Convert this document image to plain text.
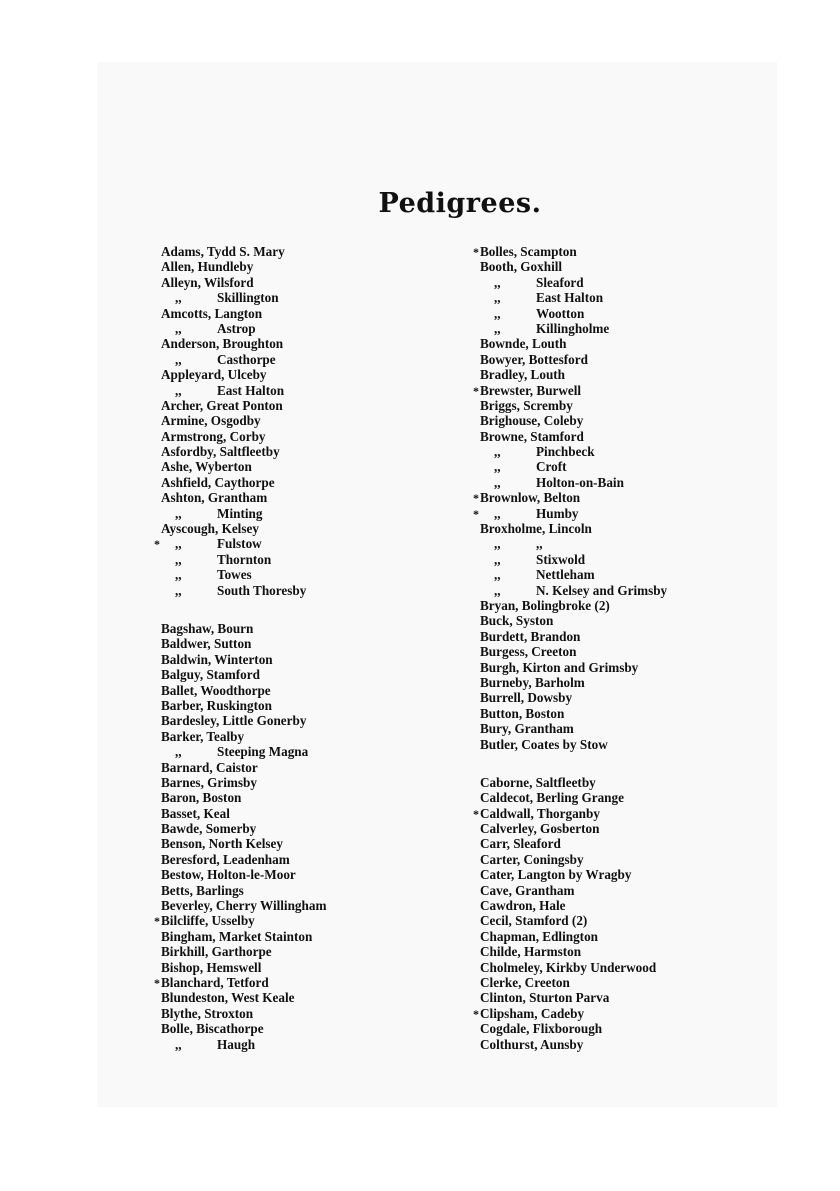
Pedigrees.
Adams, Tydd S. Mary
Allen, Hundleby
Alleyn, Wilsford
,,	Skillington
Amcotts, Langton
,,	Astrop
Anderson, Broughton
,,	Casthorpe
Appleyard, Ulceby
,,	East Halton
Archer, Great Ponton
Armine, Osgodby
Armstrong, Corby
Asfordby, Saltfleetby
Ashe, Wyberton
Ashfield, Caythorpe
Ashton, Grantham
,,	Minting
Ayscough, Kelsey
* ,,	Fulstow
,,	Thornton
,,	Towes
,,	South Thoresby
Bagshaw, Bourn
Baldwer, Sutton
Baldwin, Winterton
Balguy, Stamford
Ballet, Woodthorpe
Barber, Ruskington
Bardesley, Little Gonerby
Barker, Tealby
,,	Steeping Magna
Barnard, Caistor
Barnes, Grimsby
Baron, Boston
Basset, Keal
Bawde, Somerby
Benson, North Kelsey
Beresford, Leadenham
Bestow, Holton-le-Moor
Betts, Barlings
Beverley, Cherry Willingham
*Bilcliffe, Usselby
Bingham, Market Stainton
Birkhill, Garthorpe
Bishop, Hemswell
*Blanchard, Tetford
Blundeston, West Keale
Blythe, Stroxton
Bolle, Biscathorpe
,,	Haugh
*Bolles, Scampton
Booth, Goxhill
,,	Sleaford
,,	East Halton
,,	Wootton
,,	Killingholme
Bownde, Louth
Bowyer, Bottesford
Bradley, Louth
*Brewster, Burwell
Briggs, Scremby
Brighouse, Coleby
Browne, Stamford
,,	Pinchbeck
,,	Croft
,,	Holton-on-Bain
*Brownlow, Belton
* ,,	Humby
Broxholme, Lincoln
,,	,,
,,	Stixwold
,,	Nettleham
,,	N. Kelsey and Grimsby
Bryan, Bolingbroke (2)
Buck, Syston
Burdett, Brandon
Burgess, Creeton
Burgh, Kirton and Grimsby
Burneby, Barholm
Burrell, Dowsby
Button, Boston
Bury, Grantham
Butler, Coates by Stow
Caborne, Saltfleetby
Caldecot, Berling Grange
*Caldwall, Thorganby
Calverley, Gosberton
Carr, Sleaford
Carter, Coningsby
Cater, Langton by Wragby
Cave, Grantham
Cawdron, Hale
Cecil, Stamford (2)
Chapman, Edlington
Childe, Harmston
Cholmeley, Kirkby Underwood
Clerke, Creeton
Clinton, Sturton Parva
*Clipsham, Cadeby
Cogdale, Flixborough
Colthurst, Aunsby
